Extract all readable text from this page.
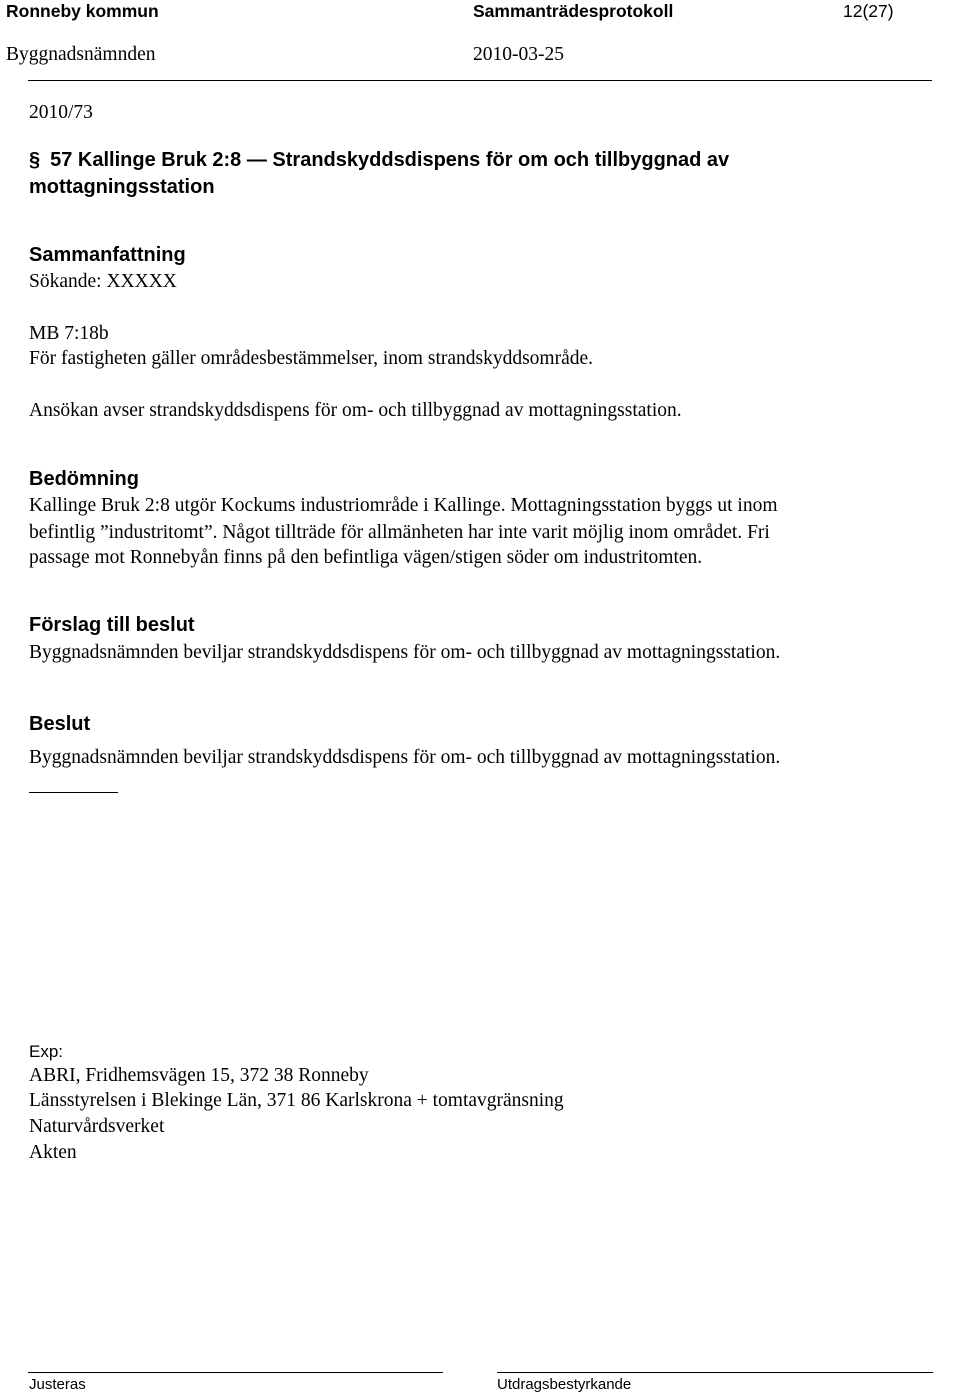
Ronneby kommun	Sammanträdesprotokoll	12(27)
Byggnadsnämnden	2010-03-25
2010/73
§ 57 Kallinge Bruk 2:8 — Strandskyddsdispens för om och tillbyggnad av
mottagningsstation
Sammanfattning
Sökande: XXXXX
MB 7:18b
För fastigheten gäller områdesbestämmelser, inom strandskyddsområde.
Ansökan avser strandskyddsdispens för om- och tillbyggnad av mottagningsstation.
Bedömning
Kallinge Bruk 2:8 utgör Kockums industriområde i Kallinge. Mottagningsstation byggs ut inom
befintlig ”industritomt”. Något tillträde för allmänheten har inte varit möjlig inom området. Fri
passage mot Ronnebyån finns på den befintliga vägen/stigen söder om industritomten.
Förslag till beslut
Byggnadsnämnden beviljar strandskyddsdispens för om- och tillbyggnad av mottagningsstation.
Beslut
Byggnadsnämnden beviljar strandskyddsdispens för om- och tillbyggnad av mottagningsstation.
Exp:
ABRI, Fridhemsvägen 15, 372 38 Ronneby
Länsstyrelsen i Blekinge Län, 371 86 Karlskrona + tomtavgränsning
Naturvårdsverket
Akten
Justeras	Utdragsbestyrkande
